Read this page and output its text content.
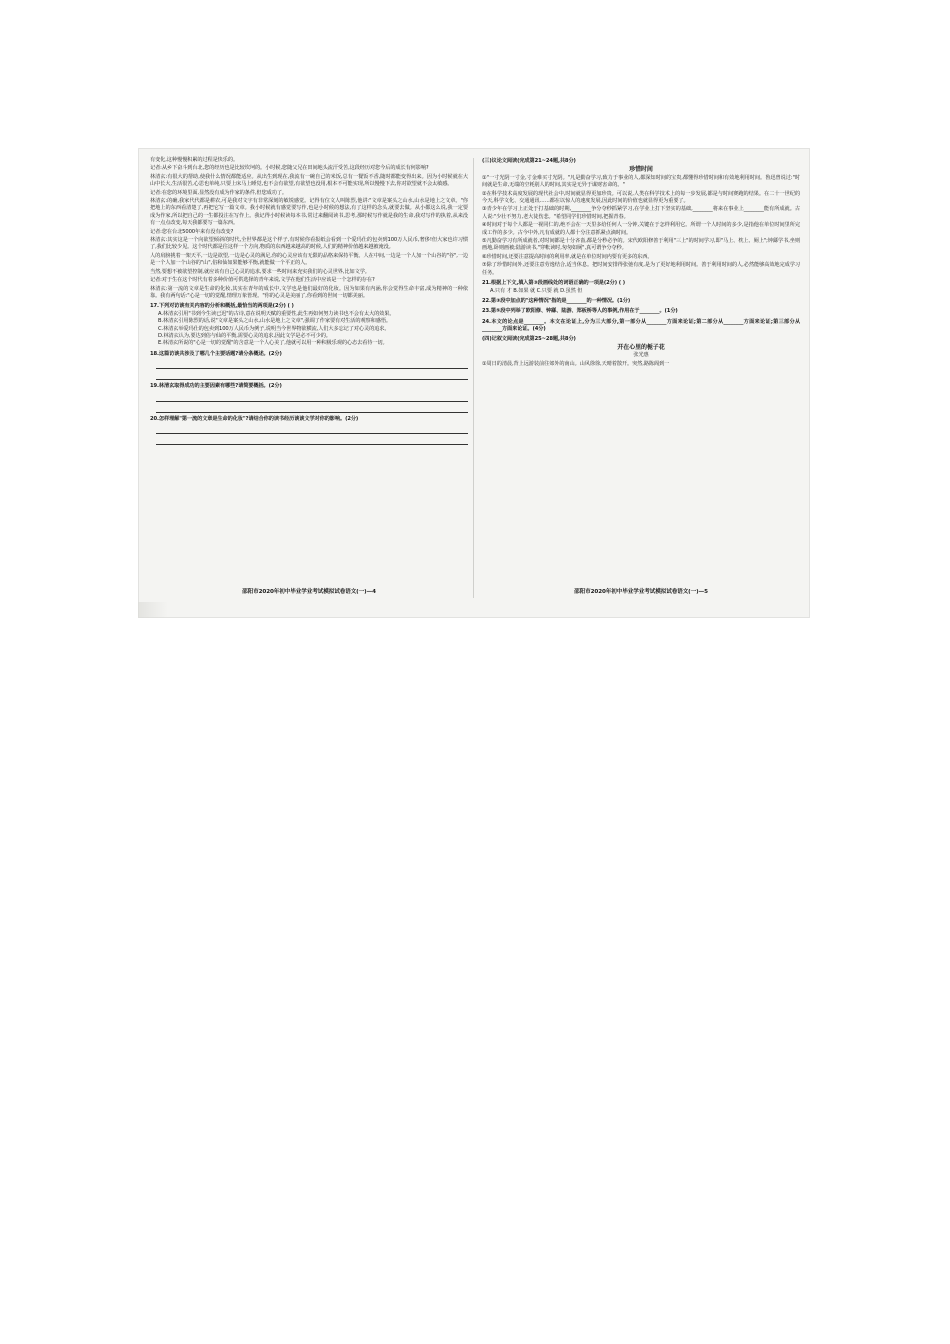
有变化,这种慢慢积累的过程是快乐的。

记者:从乡下奋斗到台北,您的经历也是比较坎坷的。小时候,您随父兄在田间地头流汗受苦,这段经历对您今后的成长有何影响?

林清玄:有很大的帮助,使我什么情况都能适应。从出生到现在,我流有一碗自己的米饭,总有一餐饭不香,随时都能变得出来。因为小时候就在大山中长大,生活很苦,心思也单纯,只要上床马上睡觉,也不会有欲望,有欲望也没用,根本不可能实现,所以慢慢下去,你对欲望就不会太敏感。

记者:在您的环境里面,显然没有成为作家的条件,但您成功了。

林清玄:的确,我家代代都是耕农,可是我对文字有非常深刻的敏锐感觉。记得有位文人叫陈烈,他讲:"文章是案头之山水,山水是地上之文章。"你把地上的东西看清楚了,再把它写一篇文章。我小时候就有感觉要写作,也是小时候的想法,有了这样的念头,就要去做。从小都这么说,我一定要成为作家,所以把自己的一生都投注在写作上。我记得小时候读每本书,常过来翻阅读书,思考,那时候写作就是我的生命,我对写作的执着,从来没有一点点改变,每天我都要写一篇东西。

记者:您在台北5000年来有没有改变?

林清玄:其实这是一个向欲望倾斜的时代,全世界都是这个样子,有时候你看报纸会看到一个爱玛仕的包卖到100万人民币,奢侈!但大家也许习惯了,我们比较少见。这个时代都是往这样一个方向,物质的东西越来越高的时候,人们的精神价值越来越被淹没。

人的肩膀挑着一架天平,一边是欲望,一边是心灵的满足,你的心灵应该有无限的品格来保持平衡。人在中间,一边是一个人加一个山谷的"谷",一边是一个人加一个山谷的"山",俗和仙如果能够平衡,就能做一个平正的人。

当然,要想不被欲望控制,就应该有自己心灵的追求,要求一些时间来充实我们的心灵世界,比如文学。

记者:对于生在这个时代有着多种价值可供选择的青年来说,文学在他们生活中应该是一个怎样的存在?

林清玄:第一流的文章是生命的化妆,其实在青年的成长中,文学也是他们最好的化妆。因为如果有内涵,你会觉得生命丰富,成为精神的一种依靠。我有两句话:"心是一切的觉醒,情理万象皆现。"你的心灵是美丽了,你看到的世间一切都美丽。

17.下列对访谈有关内容的分析和概括,最恰当的两项是(2分) ( )

A.林清玄引用"书到今生读已迟"的古诗,意在说明天赋的重要性,此生再如何努力读书也不会有太大的效果。

B.林清玄引用陈烈的话,说"文章是案头之山水,山水是地上之文章",强调了作家要有对生活的观察和感悟。

C.林清玄举爱玛仕的包卖到100万人民币为例子,说明当今世界物欲横流,人们大多忘记了对心灵的追求。

D.林清玄认为,要达到俗与仙的平衡,需要心灵的追求,因此文学是必不可少的。

E.林清玄所说的"心是一切的觉醒"的含意是一个人心美了,他就可以用一种积极乐观的心态去看待一切。

18.这篇访谈共涉及了哪几个主要话题?请分条概述。(2分)

19.林清玄取得成功的主要因素有哪些?请简要概括。(2分)

20.怎样理解"第一流的文章是生命的化妆"?请结合你的读书经历谈谈文学对你的影响。(2分)

邵阳市2020年初中毕业学业考试模拟试卷语文(一)—4

(三)议论文阅读(完成第21~24题,共8分)

珍惜时间

①"一寸光阴一寸金,寸金难买寸光阴。"凡是勤奋学习,致力于事业的人,都深知时间的宝贵,都懂得珍惜时间和有效地利用时间。鲁迅曾说过:"时间就是生命,无端的空耗别人的时间,其实是无异于谋财害命的。"

②在科学技术高度发展的现代社会中,时间就显得更加珍贵。可以说,人类在科学技术上的每一步发展,都是与时间赛跑的结果。在二十一世纪的今天,科学文化、交通通讯……都在以惊人的速度发展,因此时间的价值也就显得更为重要了。

③青少年在学习上正处于打基础的时期,________争分夺秒抓紧学习,在学业上打下坚实的基础,________将来在事业上________能有所成就。古人说:"少壮不努力,老大徒伤悲。"希望同学们珍惜时间,把握青春。

④时间对于每个人都是一视同仁的,绝不会在一天里多给任何人一分钟,关键在于怎样利用它。所谓一个人时间的多少,是指他在单位时间里所完成工作的多少。古今中外,凡有成就的人都十分注意抓紧点滴时间。

⑤凡勤奋学习有所成就者,对时间都是十分吝啬,都是分秒必争的。宋代欧阳修善于利用"三上"的时间学习,即"马上、枕上、厕上";钟繇学书,坐则画地,卧则画被;陆游读书,"穿帐读时,匆匆如厕",真可谓争分夺秒。

⑥珍惜时间,还要注意提高时间的利用率,就是在单位时间内要有更多的东西。

⑦除了珍惜时间外,还要注意劳逸结合,适当休息。把时间安排得张弛有度,是为了更好地利用时间。善于利用时间的人,必然能够高效地完成学习任务。

21.根据上下文,填入第③段画线处的词语正确的一项是(2分) ( )

A.只有 才 B.如果 就 C.只要 就 D.虽然 但

22.第③段中加点的"这种情况"指的是________的一种情况。(1分)

23.第⑤段中列举了欧阳修、钟繇、陆游、郑板桥等人的事例,作用在于________。(1分)

24.本文的论点是________。本文在论证上,分为三大部分,第一部分从________方面来论证;第二部分从________方面来论证;第三部分从________方面来论证。(4分)

(四)记叙文阅读(完成第25~28题,共8分)

开在心里的栀子花

张光惠

①周日的清晨,背上远游装前往郊外的南山。山风徐徐,天晴着散开。突然,路陈阁到一

邵阳市2020年初中毕业学业考试模拟试卷语文(一)—5
